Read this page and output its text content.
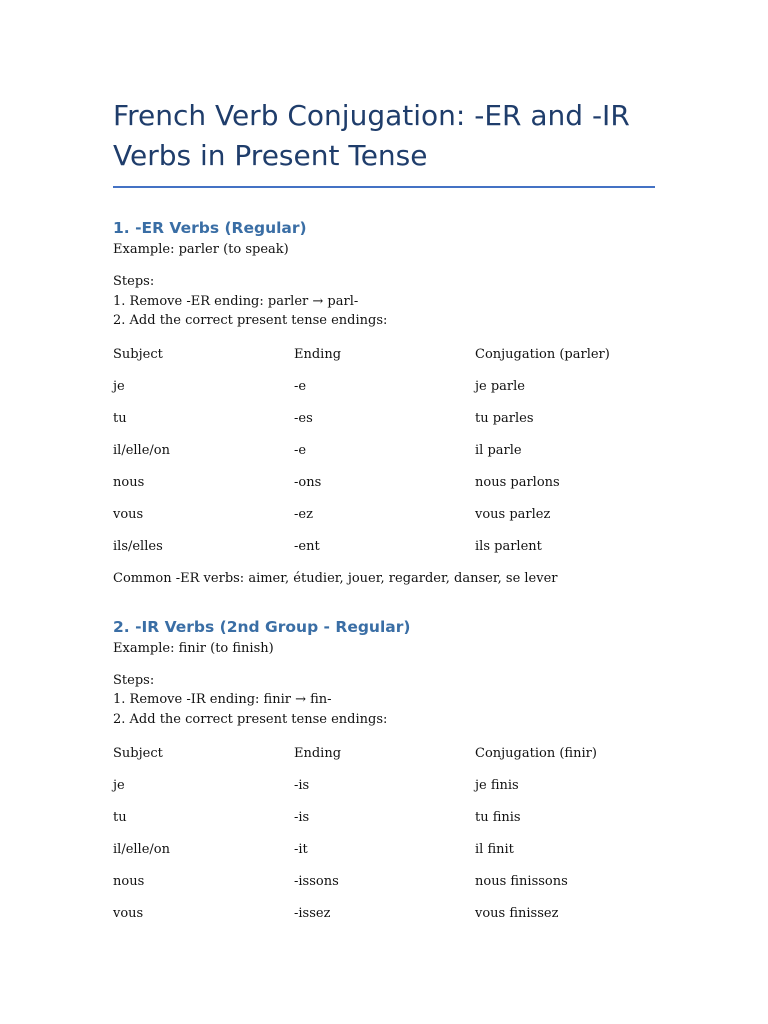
French Verb Conjugation: -ER and -IR Verbs in Present Tense
1. -ER Verbs (Regular)

Example: parler (to speak)

Steps:
1. Remove -ER ending: parler → parl-
2. Add the correct present tense endings:
Subject	Ending	Conjugation (parler)
je	-e	je parle
tu	-es	tu parles
il/elle/on	-e	il parle
nous	-ons	nous parlons
vous	-ez	vous parlez
ils/elles	-ent	ils parlent

Common -ER verbs: aimer, étudier, jouer, regarder, danser, se lever

2. -IR Verbs (2nd Group - Regular)

Example: finir (to finish)

Steps:
1. Remove -IR ending: finir → fin-
2. Add the correct present tense endings:
Subject	Ending	Conjugation (finir)
je	-is	je finis
tu	-is	tu finis
il/elle/on	-it	il finit
nous	-issons	nous finissons
vous	-issez	vous finissez
